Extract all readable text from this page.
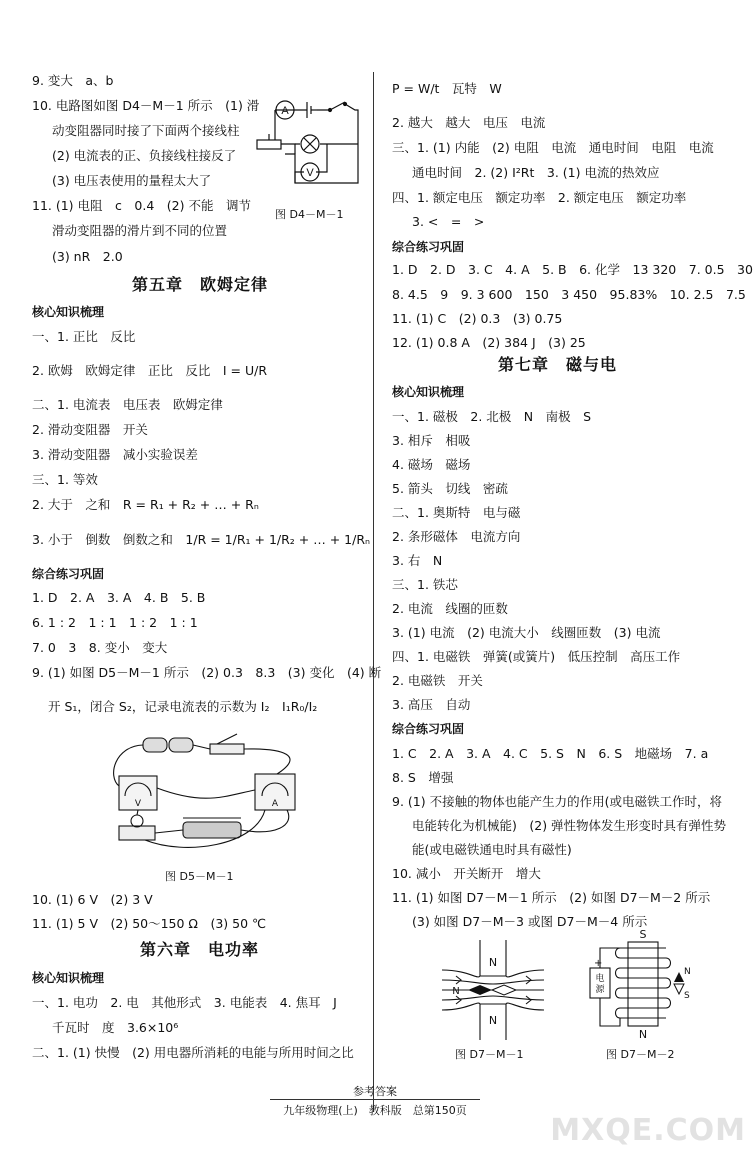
9. 变大　a、b
10. 电路图如图 D4－M－1 所示　(1) 滑
动变阻器同时接了下面两个接线柱
(2) 电流表的正、负接线柱接反了
(3) 电压表使用的量程太大了
11. (1) 电阻　c　0.4　(2) 不能　调节
滑动变阻器的滑片到不同的位置
(3) nR　2.0
A
V
图 D4－M－1
第五章　欧姆定律
核心知识梳理
一、1. 正比　反比
2. 欧姆　欧姆定律　正比　反比　I = U/R
二、1. 电流表　电压表　欧姆定律
2. 滑动变阻器　开关
3. 滑动变阻器　减小实验误差
三、1. 等效
2. 大于　之和　R = R₁ + R₂ + … + Rₙ
3. 小于　倒数　倒数之和　1/R = 1/R₁ + 1/R₂ + … + 1/Rₙ
综合练习巩固
1. D　2. A　3. A　4. B　5. B
6. 1 : 2　1 : 1　1 : 2　1 : 1
7. 0　3　8. 变小　变大
9. (1) 如图 D5－M－1 所示　(2) 0.3　8.3　(3) 变化　(4) 断
开 S₁，闭合 S₂，记录电流表的示数为 I₂　I₁R₀/I₂
V	A
图 D5－M－1
10. (1) 6 V　(2) 3 V
11. (1) 5 V　(2) 50～150 Ω　(3) 50 ℃
第六章　电功率
核心知识梳理
一、1. 电功　2. 电　其他形式　3. 电能表　4. 焦耳　J
千瓦时　度　3.6×10⁶
二、1. (1) 快慢　(2) 用电器所消耗的电能与所用时间之比
P = W/t　瓦特　W
2. 越大　越大　电压　电流
三、1. (1) 内能　(2) 电阻　电流　通电时间　电阻　电流
通电时间　2. (2) I²Rt　3. (1) 电流的热效应
四、1. 额定电压　额定功率　2. 额定电压　额定功率
3. <　=　>
综合练习巩固
1. D　2. D　3. C　4. A　5. B　6. 化学　13 320　7. 0.5　30
8. 4.5　9　9. 3 600　150　3 450　95.83%　10. 2.5　7.5
11. (1) C　(2) 0.3　(3) 0.75
12. (1) 0.8 A　(2) 384 J　(3) 25
第七章　磁与电
核心知识梳理
一、1. 磁极　2. 北极　N　南极　S
3. 相斥　相吸
4. 磁场　磁场
5. 箭头　切线　密疏
二、1. 奥斯特　电与磁
2. 条形磁体　电流方向
3. 右　N
三、1. 铁芯
2. 电流　线圈的匝数
3. (1) 电流　(2) 电流大小　线圈匝数　(3) 电流
四、1. 电磁铁　弹簧(或簧片)　低压控制　高压工作
2. 电磁铁　开关
3. 高压　自动
综合练习巩固
1. C　2. A　3. A　4. C　5. S　N　6. S　地磁场　7. a
8. S　增强
9. (1) 不接触的物体也能产生力的作用(或电磁铁工作时，将
电能转化为机械能)　(2) 弹性物体发生形变时具有弹性势
能(或电磁铁通电时具有磁性)
10. 减小　开关断开　增大
11. (1) 如图 D7－M－1 所示　(2) 如图 D7－M－2 所示
(3) 如图 D7－M－3 或图 D7－M－4 所示
N
N
N
图 D7－M－1
+
S
N
电
源
N
S
图 D7－M－2
参考答案
九年级物理(上)　教科版　总第150页
MXQE.COM
